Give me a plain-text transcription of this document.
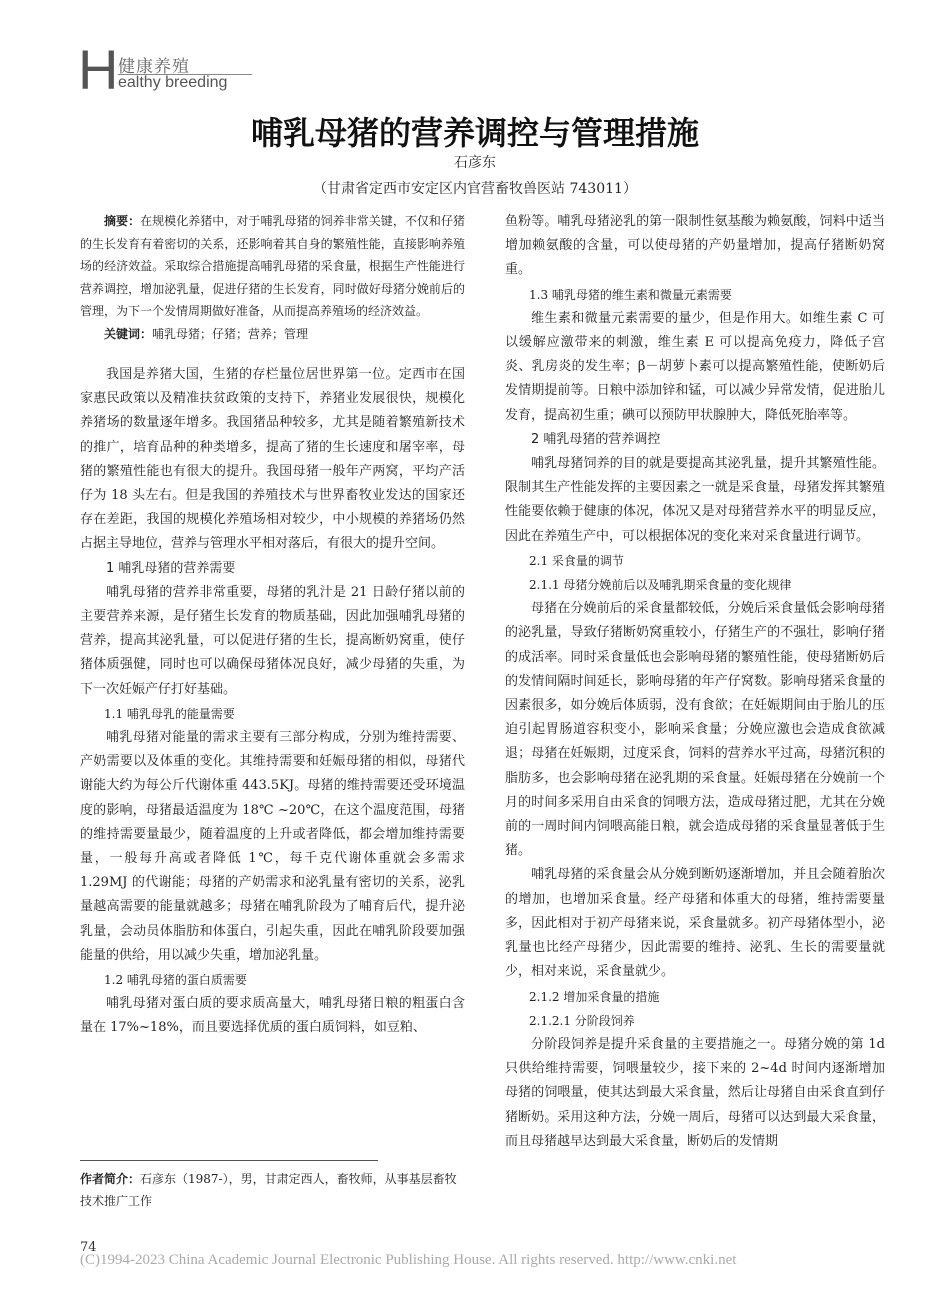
H 健康养殖
ealthy breeding
哺乳母猪的营养调控与管理措施
石彦东
（甘肃省定西市安定区内官营畜牧兽医站 743011）

摘要：在规模化养猪中，对于哺乳母猪的饲养非常关键，不仅和仔猪的生长发育有着密切的关系，还影响着其自身的繁殖性能，直接影响养殖场的经济效益。采取综合措施提高哺乳母猪的采食量，根据生产性能进行营养调控，增加泌乳量，促进仔猪的生长发育，同时做好母猪分娩前后的管理，为下一个发情周期做好准备，从而提高养殖场的经济效益。

关键词：哺乳母猪；仔猪；营养；管理

我国是养猪大国，生猪的存栏量位居世界第一位。定西市在国家惠民政策以及精准扶贫政策的支持下，养猪业发展很快，规模化养猪场的数量逐年增多。我国猪品种较多，尤其是随着繁殖新技术的推广，培育品种的种类增多，提高了猪的生长速度和屠宰率，母猪的繁殖性能也有很大的提升。我国母猪一般年产两窝，平均产活仔为 18 头左右。但是我国的养殖技术与世界畜牧业发达的国家还存在差距，我国的规模化养殖场相对较少，中小规模的养猪场仍然占据主导地位，营养与管理水平相对落后，有很大的提升空间。

1 哺乳母猪的营养需要

哺乳母猪的营养非常重要，母猪的乳汁是 21 日龄仔猪以前的主要营养来源，是仔猪生长发育的物质基础，因此加强哺乳母猪的营养，提高其泌乳量，可以促进仔猪的生长，提高断奶窝重，使仔猪体质强健，同时也可以确保母猪体况良好，减少母猪的失重，为下一次妊娠产仔打好基础。

1.1 哺乳母乳的能量需要

哺乳母猪对能量的需求主要有三部分构成，分别为维持需要、产奶需要以及体重的变化。其维持需要和妊娠母猪的相似，母猪代谢能大约为每公斤代谢体重 443.5KJ。母猪的维持需要还受环境温度的影响，母猪最适温度为 18℃ ~20℃，在这个温度范围，母猪的维持需要量最少，随着温度的上升或者降低，都会增加维持需要量，一般每升高或者降低 1℃，每千克代谢体重就会多需求 1.29MJ 的代谢能；母猪的产奶需求和泌乳量有密切的关系，泌乳量越高需要的能量就越多；母猪在哺乳阶段为了哺育后代，提升泌乳量，会动员体脂肪和体蛋白，引起失重，因此在哺乳阶段要加强能量的供给，用以减少失重，增加泌乳量。

1.2 哺乳母猪的蛋白质需要

哺乳母猪对蛋白质的要求质高量大，哺乳母猪日粮的粗蛋白含量在 17%~18%，而且要选择优质的蛋白质饲料，如豆粕、

作者简介：石彦东（1987-），男，甘肃定西人，畜牧师，从事基层畜牧技术推广工作

鱼粉等。哺乳母猪泌乳的第一限制性氨基酸为赖氨酸，饲料中适当增加赖氨酸的含量，可以使母猪的产奶量增加，提高仔猪断奶窝重。

1.3 哺乳母猪的维生素和微量元素需要

维生素和微量元素需要的量少，但是作用大。如维生素 C 可以缓解应激带来的刺激，维生素 E 可以提高免疫力，降低子宫炎、乳房炎的发生率；β－胡萝卜素可以提高繁殖性能，使断奶后发情期提前等。日粮中添加锌和锰，可以减少异常发情，促进胎儿发育，提高初生重；碘可以预防甲状腺肿大，降低死胎率等。

2 哺乳母猪的营养调控

哺乳母猪饲养的目的就是要提高其泌乳量，提升其繁殖性能。限制其生产性能发挥的主要因素之一就是采食量，母猪发挥其繁殖性能要依赖于健康的体况，体况又是对母猪营养水平的明显反应，因此在养殖生产中，可以根据体况的变化来对采食量进行调节。

2.1 采食量的调节

2.1.1 母猪分娩前后以及哺乳期采食量的变化规律

母猪在分娩前后的采食量都较低，分娩后采食量低会影响母猪的泌乳量，导致仔猪断奶窝重较小，仔猪生产的不强壮，影响仔猪的成活率。同时采食量低也会影响母猪的繁殖性能，使母猪断奶后的发情间隔时间延长，影响母猪的年产仔窝数。影响母猪采食量的因素很多，如分娩后体质弱，没有食欲；在妊娠期间由于胎儿的压迫引起胃肠道容积变小，影响采食量；分娩应激也会造成食欲减退；母猪在妊娠期，过度采食，饲料的营养水平过高，母猪沉积的脂肪多，也会影响母猪在泌乳期的采食量。妊娠母猪在分娩前一个月的时间多采用自由采食的饲喂方法，造成母猪过肥，尤其在分娩前的一周时间内饲喂高能日粮，就会造成母猪的采食量显著低于生猪。

哺乳母猪的采食量会从分娩到断奶逐渐增加，并且会随着胎次的增加，也增加采食量。经产母猪和体重大的母猪，维持需要量多，因此相对于初产母猪来说，采食量就多。初产母猪体型小，泌乳量也比经产母猪少，因此需要的维持、泌乳、生长的需要量就少，相对来说，采食量就少。

2.1.2 增加采食量的措施

2.1.2.1 分阶段饲养

分阶段饲养是提升采食量的主要措施之一。母猪分娩的第 1d 只供给维持需要，饲喂量较少，接下来的 2~4d 时间内逐渐增加母猪的饲喂量，使其达到最大采食量，然后让母猪自由采食直到仔猪断奶。采用这种方法，分娩一周后，母猪可以达到最大采食量，而且母猪越早达到最大采食量，断奶后的发情期

74
(C)1994-2023 China Academic Journal Electronic Publishing House. All rights reserved. http://www.cnki.net
